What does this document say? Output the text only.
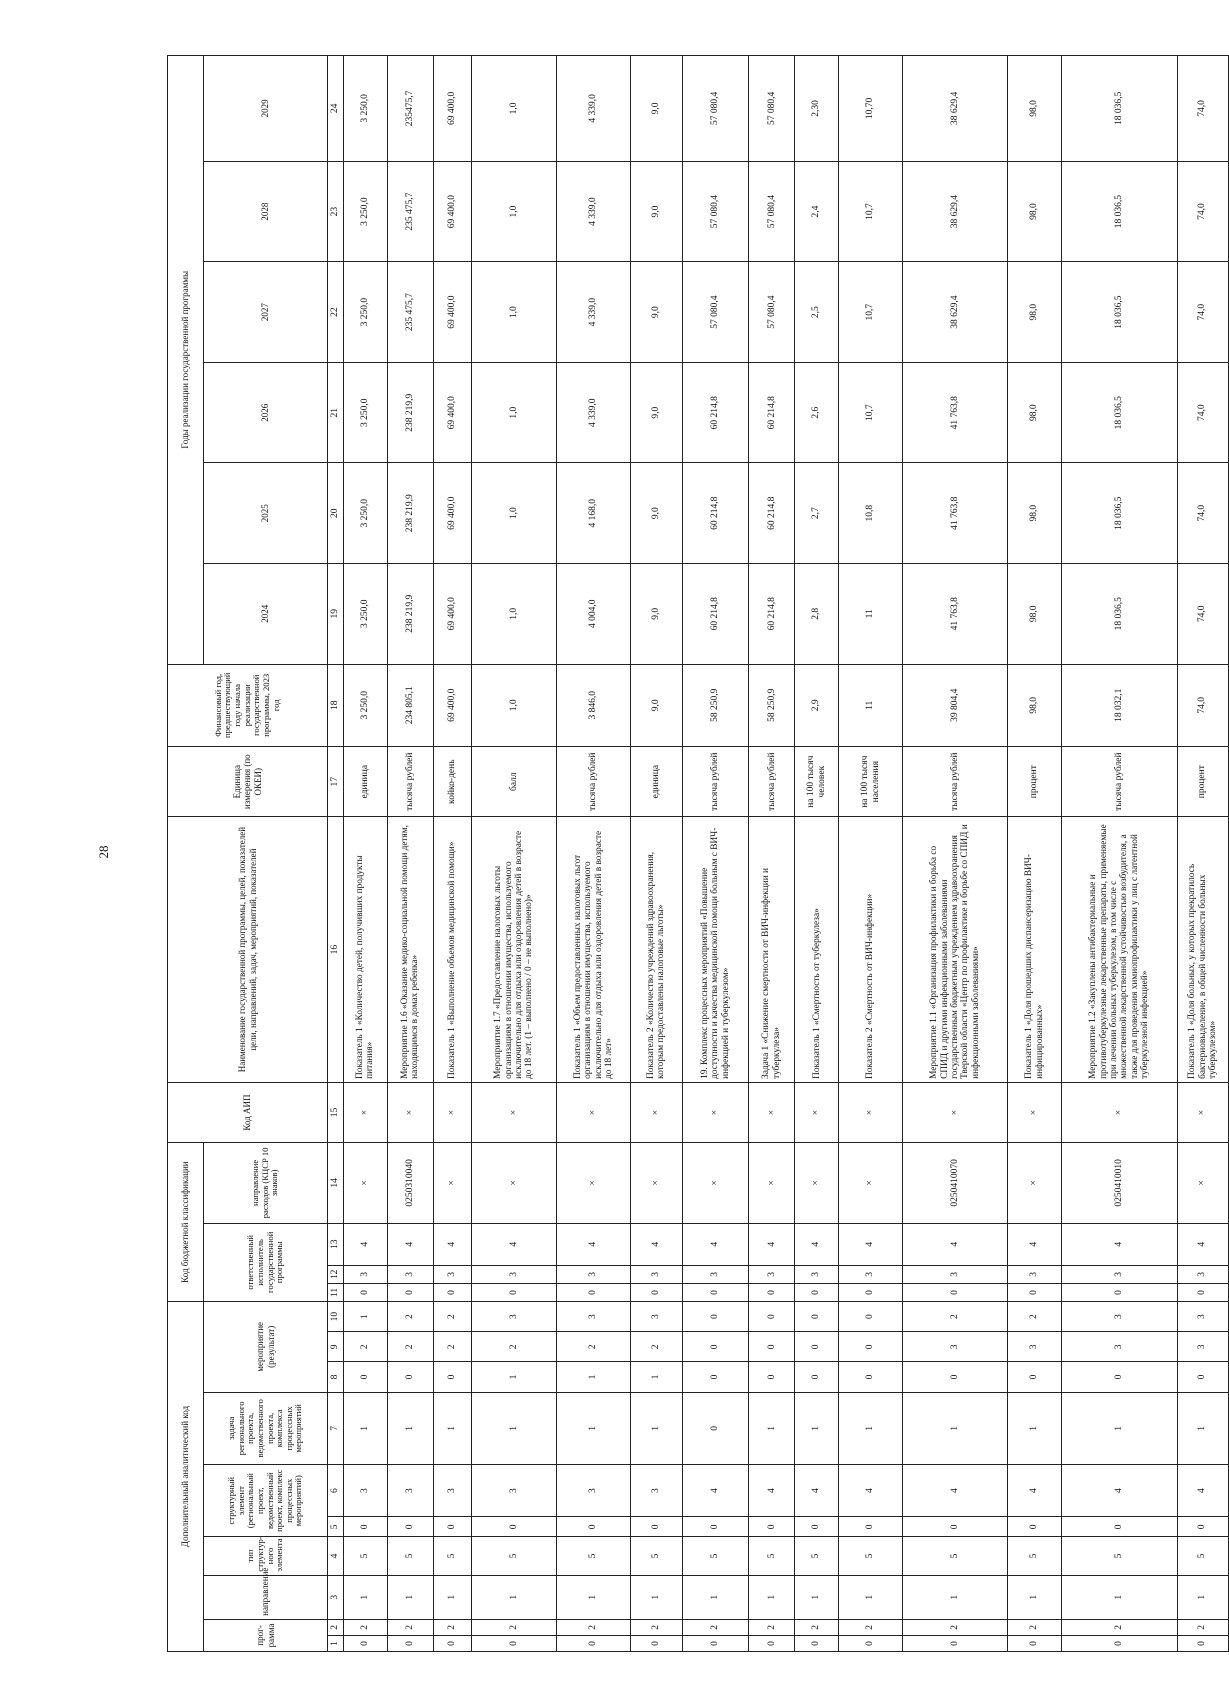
28
Дополнительный аналитический код										Код бюджетной классификации				Код АИП	Наименование государственной программы, целей, показателей цели, направлений, задач, мероприятий, показателей	Единица измерения (по ОКЕИ)	Финансовый год, предшествующий году начала реализации государственной программы, 2023 год	Годы реализации государственной программы					
прог- рамма		направление	тип структур- ного элемента	структурный элемент (региональный проект, ведомственный проект, комплекс процессных мероприятий)		задача регионального проекта, ведомственного проекта, комплекса процессных мероприятий	мероприятие (результат)			ответственный исполнитель государственной программы			направление расходов (КЦСР 10 знаков)					2024	2025	2026	2027	2028	2029

1	2	3	4	5	6	7	8	9	10	11	12	13	14	15	16	17	18	19	20	21	22	23	24
0	2	1	5	0	3	1	0	2	1	0	3	4	×	×	Показатель 1 «Количество детей, получивших продукты питания»	единица	3 250,0	3 250,0	3 250,0	3 250,0	3 250,0	3 250,0	3 250,0
0	2	1	5	0	3	1	0	2	2	0	3	4	0250310040	×	Мероприятие 1.6 «Оказание медико-социальной помощи детям, находящимся в домах ребенка»	тысяча рублей	234 805,1	238 219,9	238 219,9	238 219,9	235 475,7	235 475,7	235475,7
0	2	1	5	0	3	1	0	2	2	0	3	4	×	×	Показатель 1 «Выполнение объемов медицинской помощи»	койко-день	69 400,0	69 400,0	69 400,0	69 400,0	69 400,0	69 400,0	69 400,0
0	2	1	5	0	3	1	1	2	3	0	3	4	×	×	Мероприятие 1.7 «Предоставление налоговых льготы организациям в отношении имущества, используемого исключительно для отдыха или оздоровления детей в возрасте до 18 лет. (1 – выполнено / 0 – не выполнено)»	балл	1,0	1,0	1,0	1,0	1,0	1,0	1,0
0	2	1	5	0	3	1	1	2	3	0	3	4	×	×	Показатель 1 «Объем предоставленных налоговых льгот организациям в отношении имущества, используемого исключительно для отдыха или оздоровления детей в возрасте до 18 лет»	тысяча рублей	3 846,0	4 004,0	4 168,0	4 339,0	4 339,0	4 339,0	4 339,0
0	2	1	5	0	3	1	1	2	3	0	3	4	×	×	Показатель 2 «Количество учреждений здравоохранения, которым предоставлены налоговые льготы»	единица	9,0	9,0	9,0	9,0	9,0	9,0	9,0
0	2	1	5	0	4	0	0	0	0	0	3	4	×	×	19. Комплекс процессных мероприятий «Повышение доступности и качества медицинской помощи больным с ВИЧ-инфекцией и туберкулезом»	тысяча рублей	58 250,9	60 214,8	60 214,8	60 214,8	57 080,4	57 080,4	57 080,4
0	2	1	5	0	4	1	0	0	0	0	3	4	×	×	Задача 1 «Снижение смертности от ВИЧ-инфекции и туберкулеза»	тысяча рублей	58 250,9	60 214,8	60 214,8	60 214,8	57 080,4	57 080,4	57 080,4
0	2	1	5	0	4	1	0	0	0	0	3	4	×	×	Показатель 1 «Смертность от туберкулеза»	на 100 тысяч человек	2,9	2,8	2,7	2,6	2,5	2,4	2,30
0	2	1	5	0	4	1	0	0	0	0	3	4	×	×	Показатель 2 «Смертность от ВИЧ-инфекции»	на 100 тысяч населения	11	11	10,8	10,7	10,7	10,7	10,70
0	2	1	5	0	4	1	0	3	2	0	3	4	0250410070	×	Мероприятие 1.1 «Организация профилактики и борьба со СПИД и другими инфекционными заболеваниями государственным бюджетным учреждением здравоохранения Тверской области «Центр по профилактике и борьбе со СПИД и инфекционными заболеваниями»	тысяча рублей	39 804,4	41 763,8	41 763,8	41 763,8	38 629,4	38 629,4	38 629,4
0	2	1	5	0	4	1	0	3	2	0	3	4	×	×	Показатель 1 «Доля прошедших диспансеризацию ВИЧ-инфицированных»	процент	98,0	98,0	98,0	98,0	98,0	98,0	98,0
0	2	1	5	0	4	1	0	3	3	0	3	4	0250410010	×	Мероприятие 1.2 «Закуплены антибактериальные и противотуберкулезные лекарственные препараты, применяемые при лечении больных туберкулезом, в том числе с множественной лекарственной устойчивостью возбудителя, а также для проведения химиопрофилактики у лиц с латентной туберкулезной инфекцией»	тысяча рублей	18 032,1	18 036,5	18 036,5	18 036,5	18 036,5	18 036,5	18 036,5
0	2	1	5	0	4	1	0	3	3	0	3	4	×	×	Показатель 1 «Доля больных, у которых прекратилось бактериовыделение, в общей численности больных туберкулезом»	процент	74,0	74,0	74,0	74,0	74,0	74,0	74,0
